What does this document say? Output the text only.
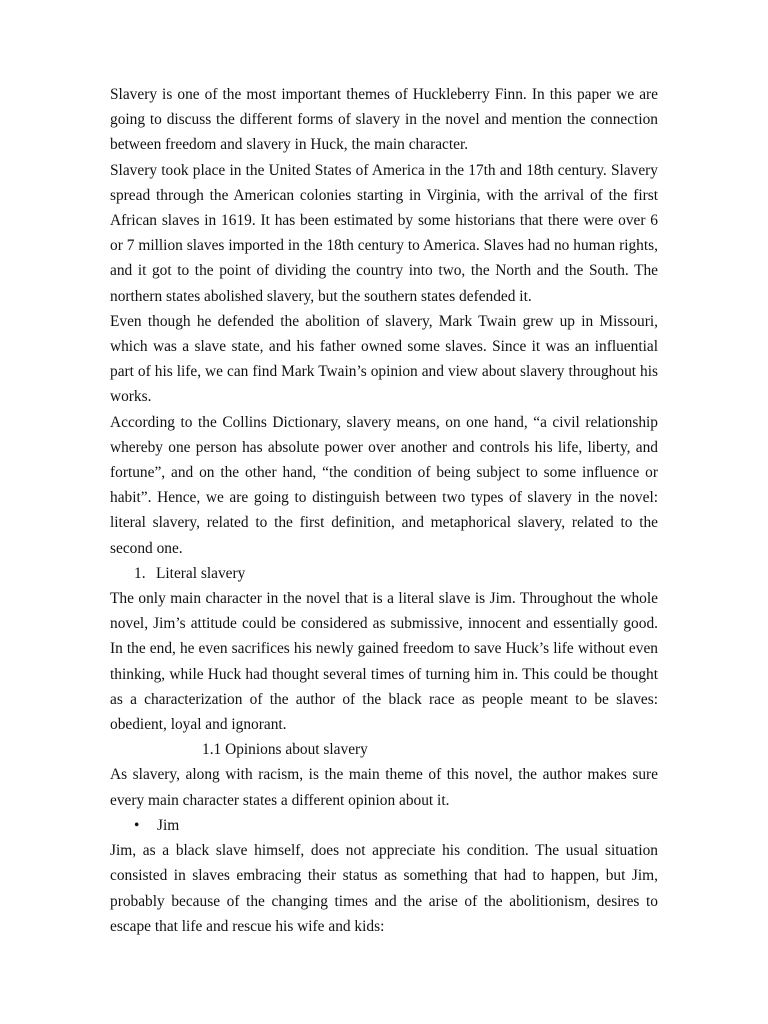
Slavery is one of the most important themes of Huckleberry Finn. In this paper we are going to discuss the different forms of slavery in the novel and mention the connection between freedom and slavery in Huck, the main character.

Slavery took place in the United States of America in the 17th and 18th century. Slavery spread through the American colonies starting in Virginia, with the arrival of the first African slaves in 1619. It has been estimated by some historians that there were over 6 or 7 million slaves imported in the 18th century to America. Slaves had no human rights, and it got to the point of dividing the country into two, the North and the South. The northern states abolished slavery, but the southern states defended it.

Even though he defended the abolition of slavery, Mark Twain grew up in Missouri, which was a slave state, and his father owned some slaves. Since it was an influential part of his life, we can find Mark Twain’s opinion and view about slavery throughout his works.

According to the Collins Dictionary, slavery means, on one hand, “a civil relationship whereby one person has absolute power over another and controls his life, liberty, and fortune”, and on the other hand, “the condition of being subject to some influence or habit”. Hence, we are going to distinguish between two types of slavery in the novel: literal slavery, related to the first definition, and metaphorical slavery, related to the second one.

1. Literal slavery

The only main character in the novel that is a literal slave is Jim. Throughout the whole novel, Jim’s attitude could be considered as submissive, innocent and essentially good. In the end, he even sacrifices his newly gained freedom to save Huck’s life without even thinking, while Huck had thought several times of turning him in. This could be thought as a characterization of the author of the black race as people meant to be slaves: obedient, loyal and ignorant.

1.1 Opinions about slavery

As slavery, along with racism, is the main theme of this novel, the author makes sure every main character states a different opinion about it.

•	Jim

Jim, as a black slave himself, does not appreciate his condition. The usual situation consisted in slaves embracing their status as something that had to happen, but Jim, probably because of the changing times and the arise of the abolitionism, desires to escape that life and rescue his wife and kids:
